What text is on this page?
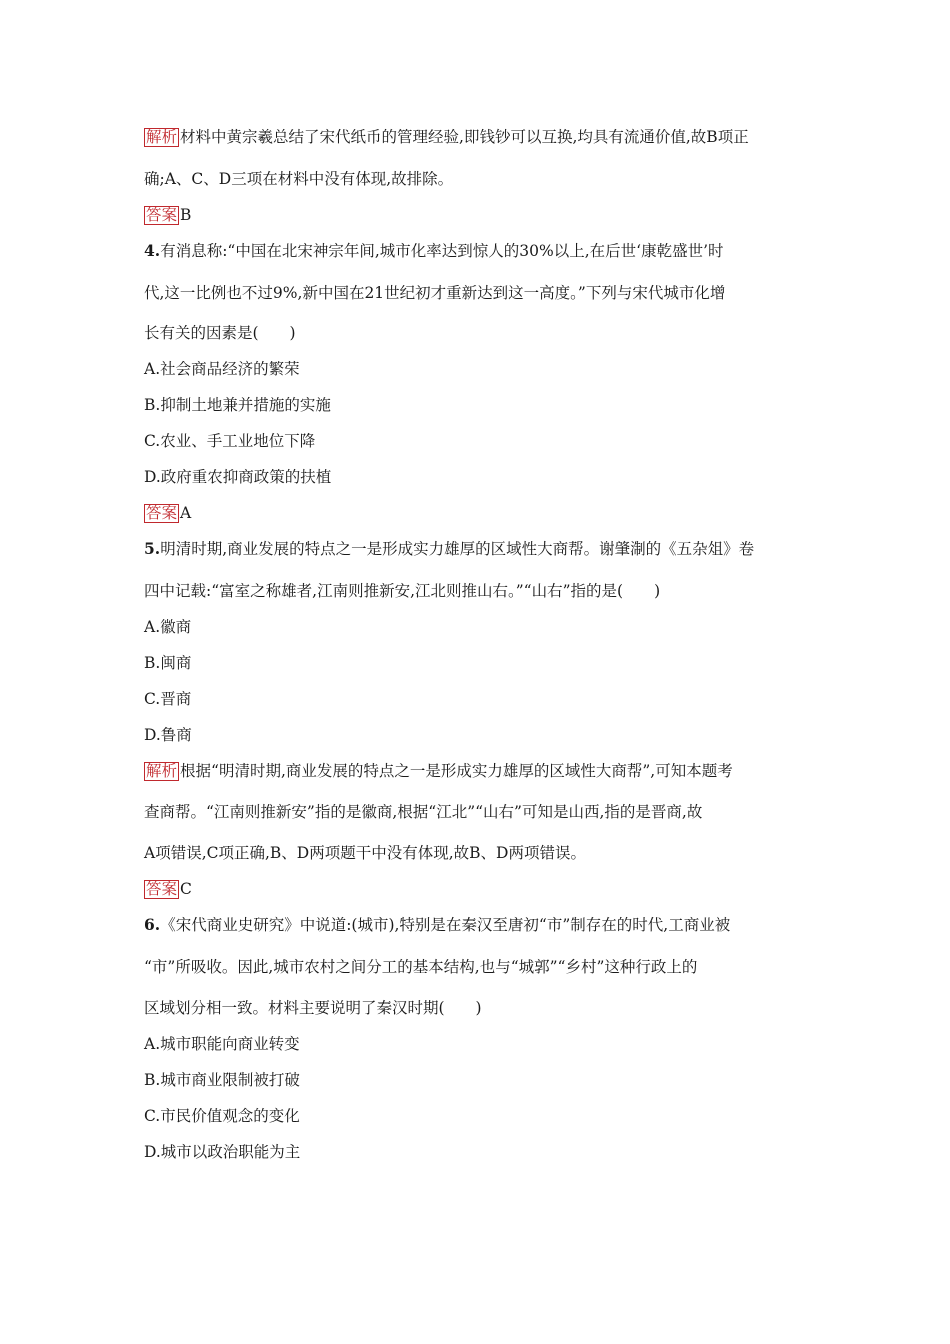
解析 材料中黄宗羲总结了宋代纸币的管理经验,即钱钞可以互换,均具有流通价值,故B项正
确;A、C、D三项在材料中没有体现,故排除。
答案 B
4.有消息称:“中国在北宋神宗年间,城市化率达到惊人的30%以上,在后世‘康乾盛世’时
代,这一比例也不过9%,新中国在21世纪初才重新达到这一高度。”下列与宋代城市化增
长有关的因素是(　　)
A.社会商品经济的繁荣
B.抑制土地兼并措施的实施
C.农业、手工业地位下降
D.政府重农抑商政策的扶植
答案 A
5.明清时期,商业发展的特点之一是形成实力雄厚的区域性大商帮。谢肇淛的《五杂俎》卷
四中记载:“富室之称雄者,江南则推新安,江北则推山右。”“山右”指的是(　　)
A.徽商
B.闽商
C.晋商
D.鲁商
解析 根据“明清时期,商业发展的特点之一是形成实力雄厚的区域性大商帮”,可知本题考
查商帮。“江南则推新安”指的是徽商,根据“江北”“山右”可知是山西,指的是晋商,故
A项错误,C项正确,B、D两项题干中没有体现,故B、D两项错误。
答案 C
6.《宋代商业史研究》中说道:(城市),特别是在秦汉至唐初“市”制存在的时代,工商业被
“市”所吸收。因此,城市农村之间分工的基本结构,也与“城郭”“乡村”这种行政上的
区域划分相一致。材料主要说明了秦汉时期(　　)
A.城市职能向商业转变
B.城市商业限制被打破
C.市民价值观念的变化
D.城市以政治职能为主
